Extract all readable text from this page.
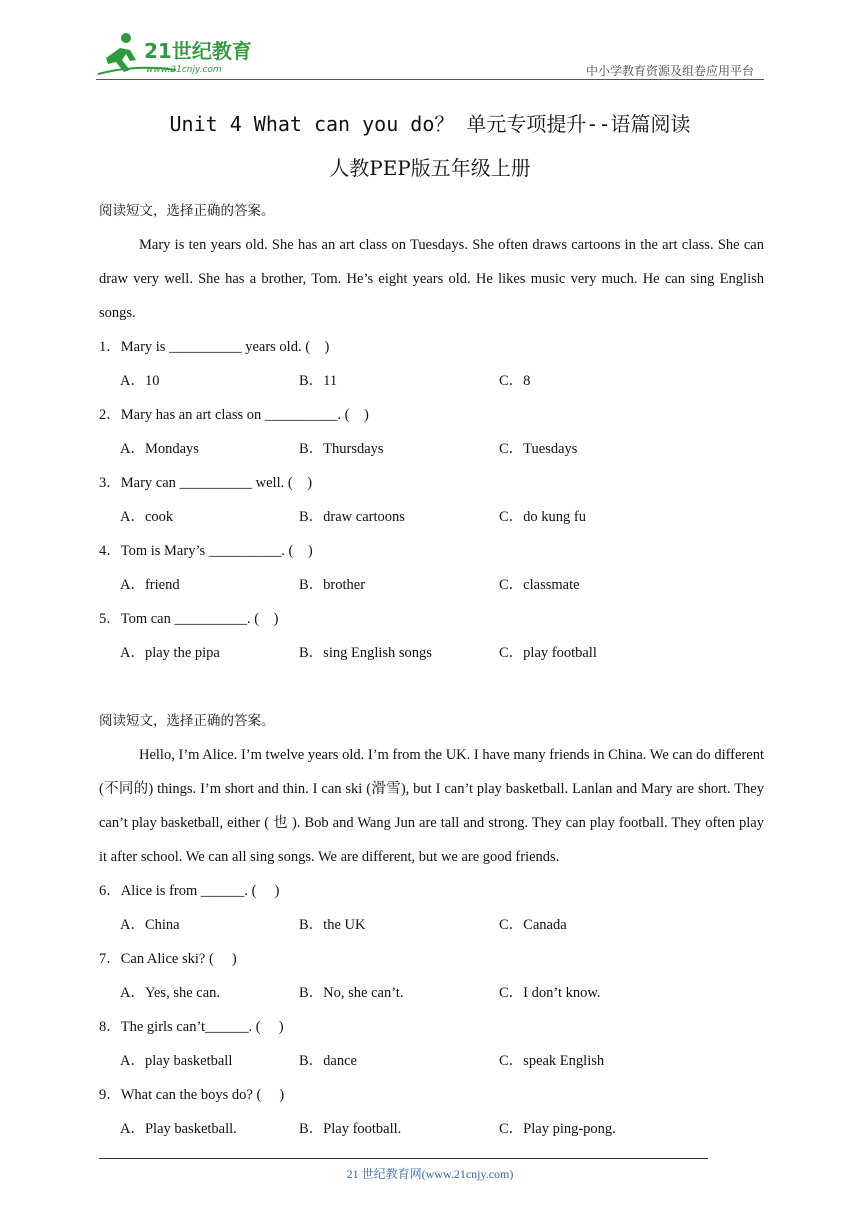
21世纪教育
www.21cnjy.com	中小学教育资源及组卷应用平台
Unit 4 What can you do？ 单元专项提升--语篇阅读
人教PEP版五年级上册
阅读短文，选择正确的答案。

Mary is ten years old. She has an art class on Tuesdays. She often draws cartoons in the art class. She can draw very well. She has a brother, Tom. He’s eight years old. He likes music very much. He can sing English songs.

1．Mary is __________ years old. (    )
A．10	B．11	C．8
2．Mary has an art class on __________. (    )
A．Mondays	B．Thursdays	C．Tuesdays
3．Mary can __________ well. (    )
A．cook	B．draw cartoons	C．do kung fu
4．Tom is Mary’s __________. (    )
A．friend	B．brother	C．classmate
5．Tom can __________. (    )
A．play the pipa	B．sing English songs	C．play football
阅读短文，选择正确的答案。

Hello, I’m Alice. I’m twelve years old. I’m from the UK. I have many friends in China. We can do different (不同的) things. I’m short and thin. I can ski (滑雪), but I can’t play basketball. Lanlan and Mary are short. They can’t play basketball, either ( 也 ). Bob and Wang Jun are tall and strong. They can play football. They often play it after school. We can all sing songs. We are different, but we are good friends.

6．Alice is from ______. (     )
A．China	B．the UK	C．Canada
7．Can Alice ski? (     )
A．Yes, she can.	B．No, she can’t.	C．I don’t know.
8．The girls can’t______. (     )
A．play basketball	B．dance	C．speak English
9．What can the boys do? (     )
A．Play basketball.	B．Play football.	C．Play ping-pong.
21 世纪教育网(www.21cnjy.com)
